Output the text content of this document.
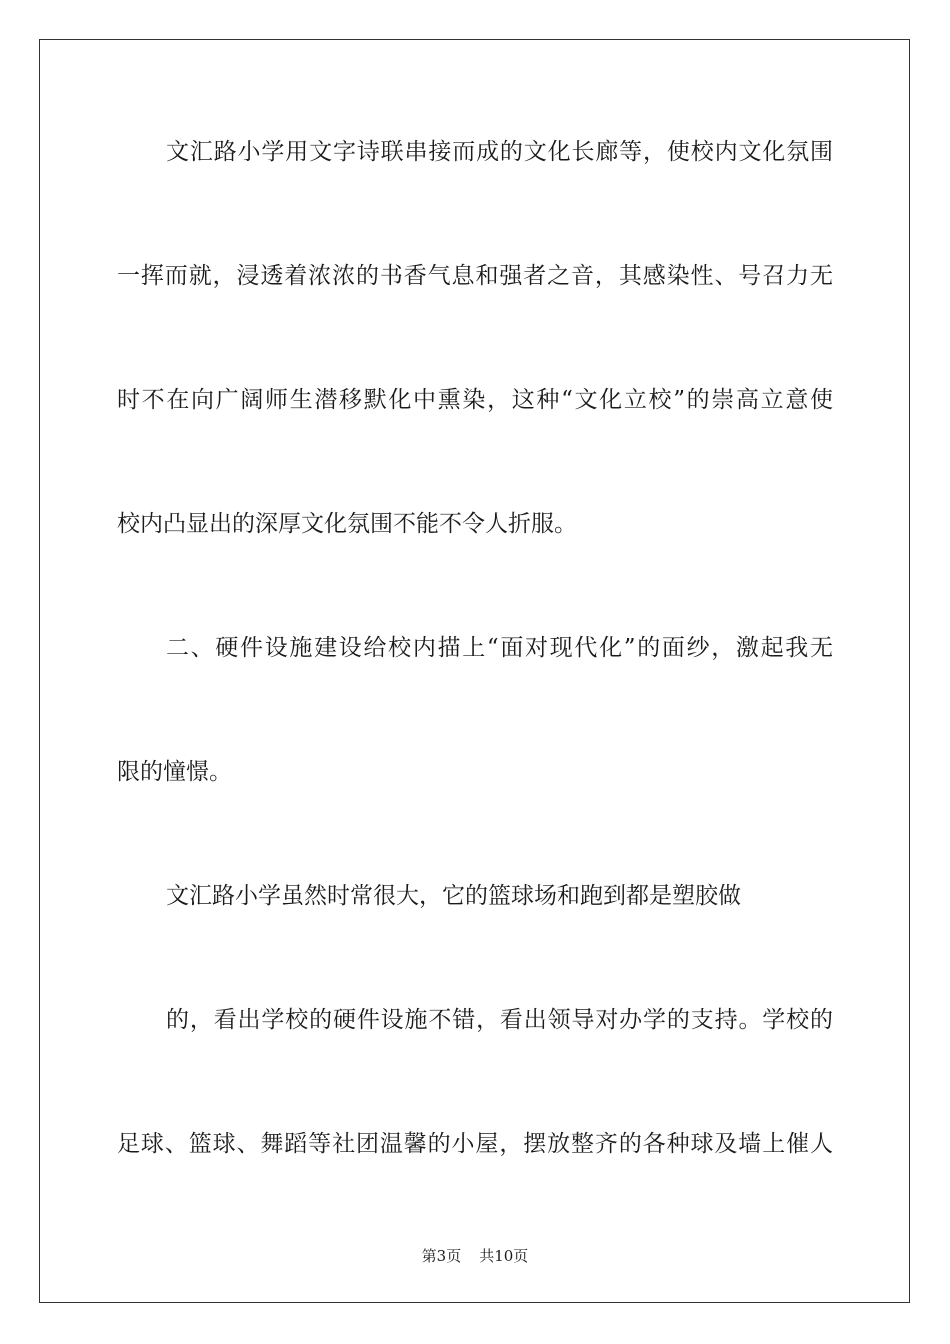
文汇路小学用文字诗联串接而成的文化长廊等，使校内文化氛围
一挥而就，浸透着浓浓的书香气息和强者之音，其感染性、号召力无
时不在向广阔师生潜移默化中熏染，这种“文化立校”的崇高立意使
校内凸显出的深厚文化氛围不能不令人折服。
二、硬件设施建设给校内描上“面对现代化”的面纱，激起我无
限的憧憬。
文汇路小学虽然时常很大，它的篮球场和跑到都是塑胶做
的，看出学校的硬件设施不错，看出领导对办学的支持。学校的
足球、篮球、舞蹈等社团温馨的小屋，摆放整齐的各种球及墙上催人
第3页 共10页
